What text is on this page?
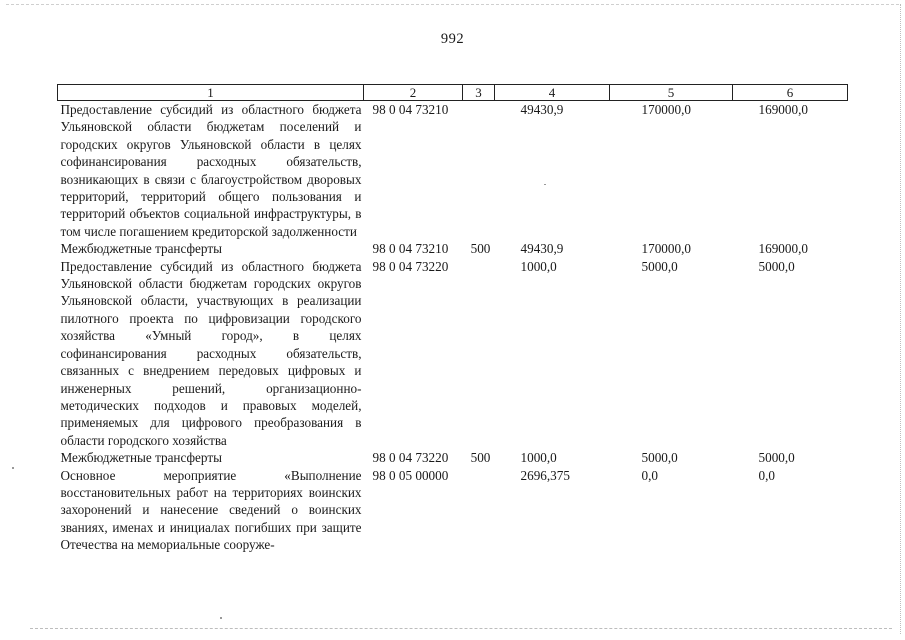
992
1	2	3	4	5	6
Предоставление субсидий из областного бюджета Ульяновской области бюджетам поселений и городских округов Ульяновской области в целях софинансирования расходных обязательств, возникающих в связи с благоустройством дворовых территорий, территорий общего пользования и территорий объектов социальной инфраструктуры, в том числе погашением кредиторской задолженности	98 0 04 73210		49430,9	170000,0	169000,0
Межбюджетные трансферты	98 0 04 73210	500	49430,9	170000,0	169000,0
Предоставление субсидий из областного бюджета Ульяновской области бюджетам городских округов Ульяновской области, участвующих в реализации пилотного проекта по цифровизации городского хозяйства «Умный город», в целях софинансирования расходных обязательств, связанных с внедрением передовых цифровых и инженерных решений, организационно-методических подходов и правовых моделей, применяемых для цифрового преобразования в области городского хозяйства	98 0 04 73220		1000,0	5000,0	5000,0
Межбюджетные трансферты	98 0 04 73220	500	1000,0	5000,0	5000,0
Основное мероприятие «Выполнение восстановительных работ на территориях воинских захоронений и нанесение сведений о воинских званиях, именах и инициалах погибших при защите Отечества на мемориальные сооруже-	98 0 05 00000		2696,375	0,0	0,0
